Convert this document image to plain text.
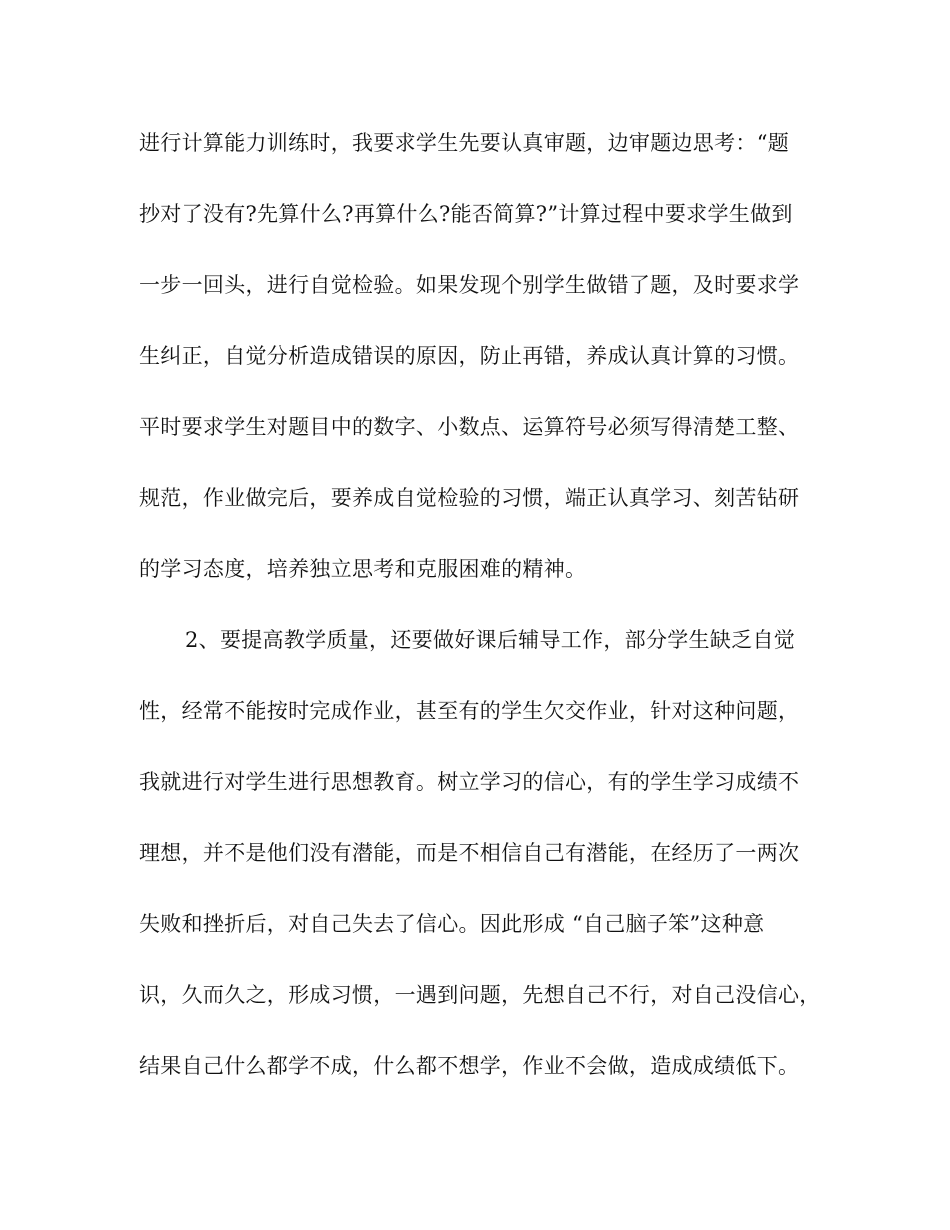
进行计算能力训练时，我要求学生先要认真审题，边审题边思考：“题
抄对了没有?先算什么?再算什么?能否简算?”计算过程中要求学生做到
一步一回头，进行自觉检验。如果发现个别学生做错了题，及时要求学
生纠正，自觉分析造成错误的原因，防止再错，养成认真计算的习惯。
平时要求学生对题目中的数字、小数点、运算符号必须写得清楚工整、
规范，作业做完后，要养成自觉检验的习惯，端正认真学习、刻苦钻研
的学习态度，培养独立思考和克服困难的精神。
2、要提高教学质量，还要做好课后辅导工作，部分学生缺乏自觉
性，经常不能按时完成作业，甚至有的学生欠交作业，针对这种问题，
我就进行对学生进行思想教育。树立学习的信心，有的学生学习成绩不
理想，并不是他们没有潜能，而是不相信自己有潜能，在经历了一两次
失败和挫折后，对自己失去了信心。因此形成 “自己脑子笨”这种意
识，久而久之，形成习惯，一遇到问题，先想自己不行，对自己没信心，
结果自己什么都学不成，什么都不想学，作业不会做，造成成绩低下。
